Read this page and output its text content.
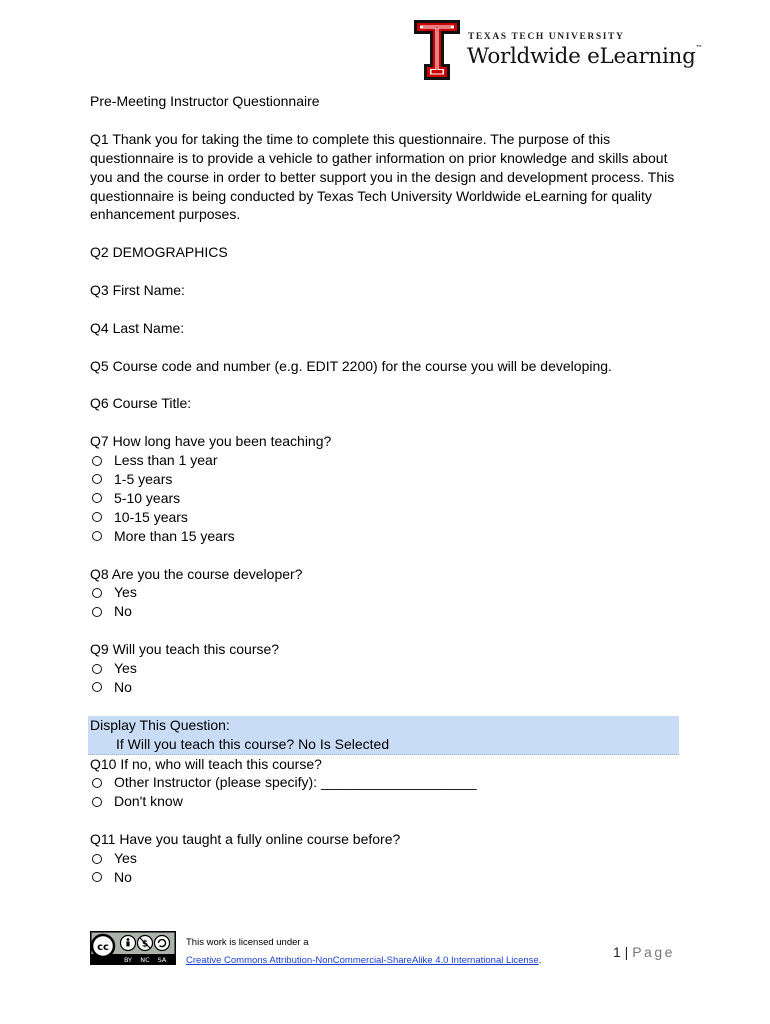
TEXAS TECH UNIVERSITY
Worldwide eLearning™

Pre-Meeting Instructor Questionnaire

Q1 Thank you for taking the time to complete this questionnaire. The purpose of this

questionnaire is to provide a vehicle to gather information on prior knowledge and skills about

you and the course in order to better support you in the design and development process. This

questionnaire is being conducted by Texas Tech University Worldwide eLearning for quality

enhancement purposes.

Q2 DEMOGRAPHICS

Q3 First Name:

Q4 Last Name:

Q5 Course code and number (e.g. EDIT 2200) for the course you will be developing.

Q6 Course Title:

Q7 How long have you been teaching?

Less than 1 year
1-5 years
5-10 years
10-15 years
More than 15 years

Q8 Are you the course developer?

Yes
No

Q9 Will you teach this course?

Yes
No

Display This Question:

If Will you teach this course? No Is Selected

Q10 If no, who will teach this course?

Other Instructor (please specify): ____________________
Don't know

Q11 Have you taught a fully online course before?

Yes
No
cc	$
BY NC SA
This work is licensed under a
Creative Commons Attribution-NonCommercial-ShareAlike 4.0 International License.
1 | Page
